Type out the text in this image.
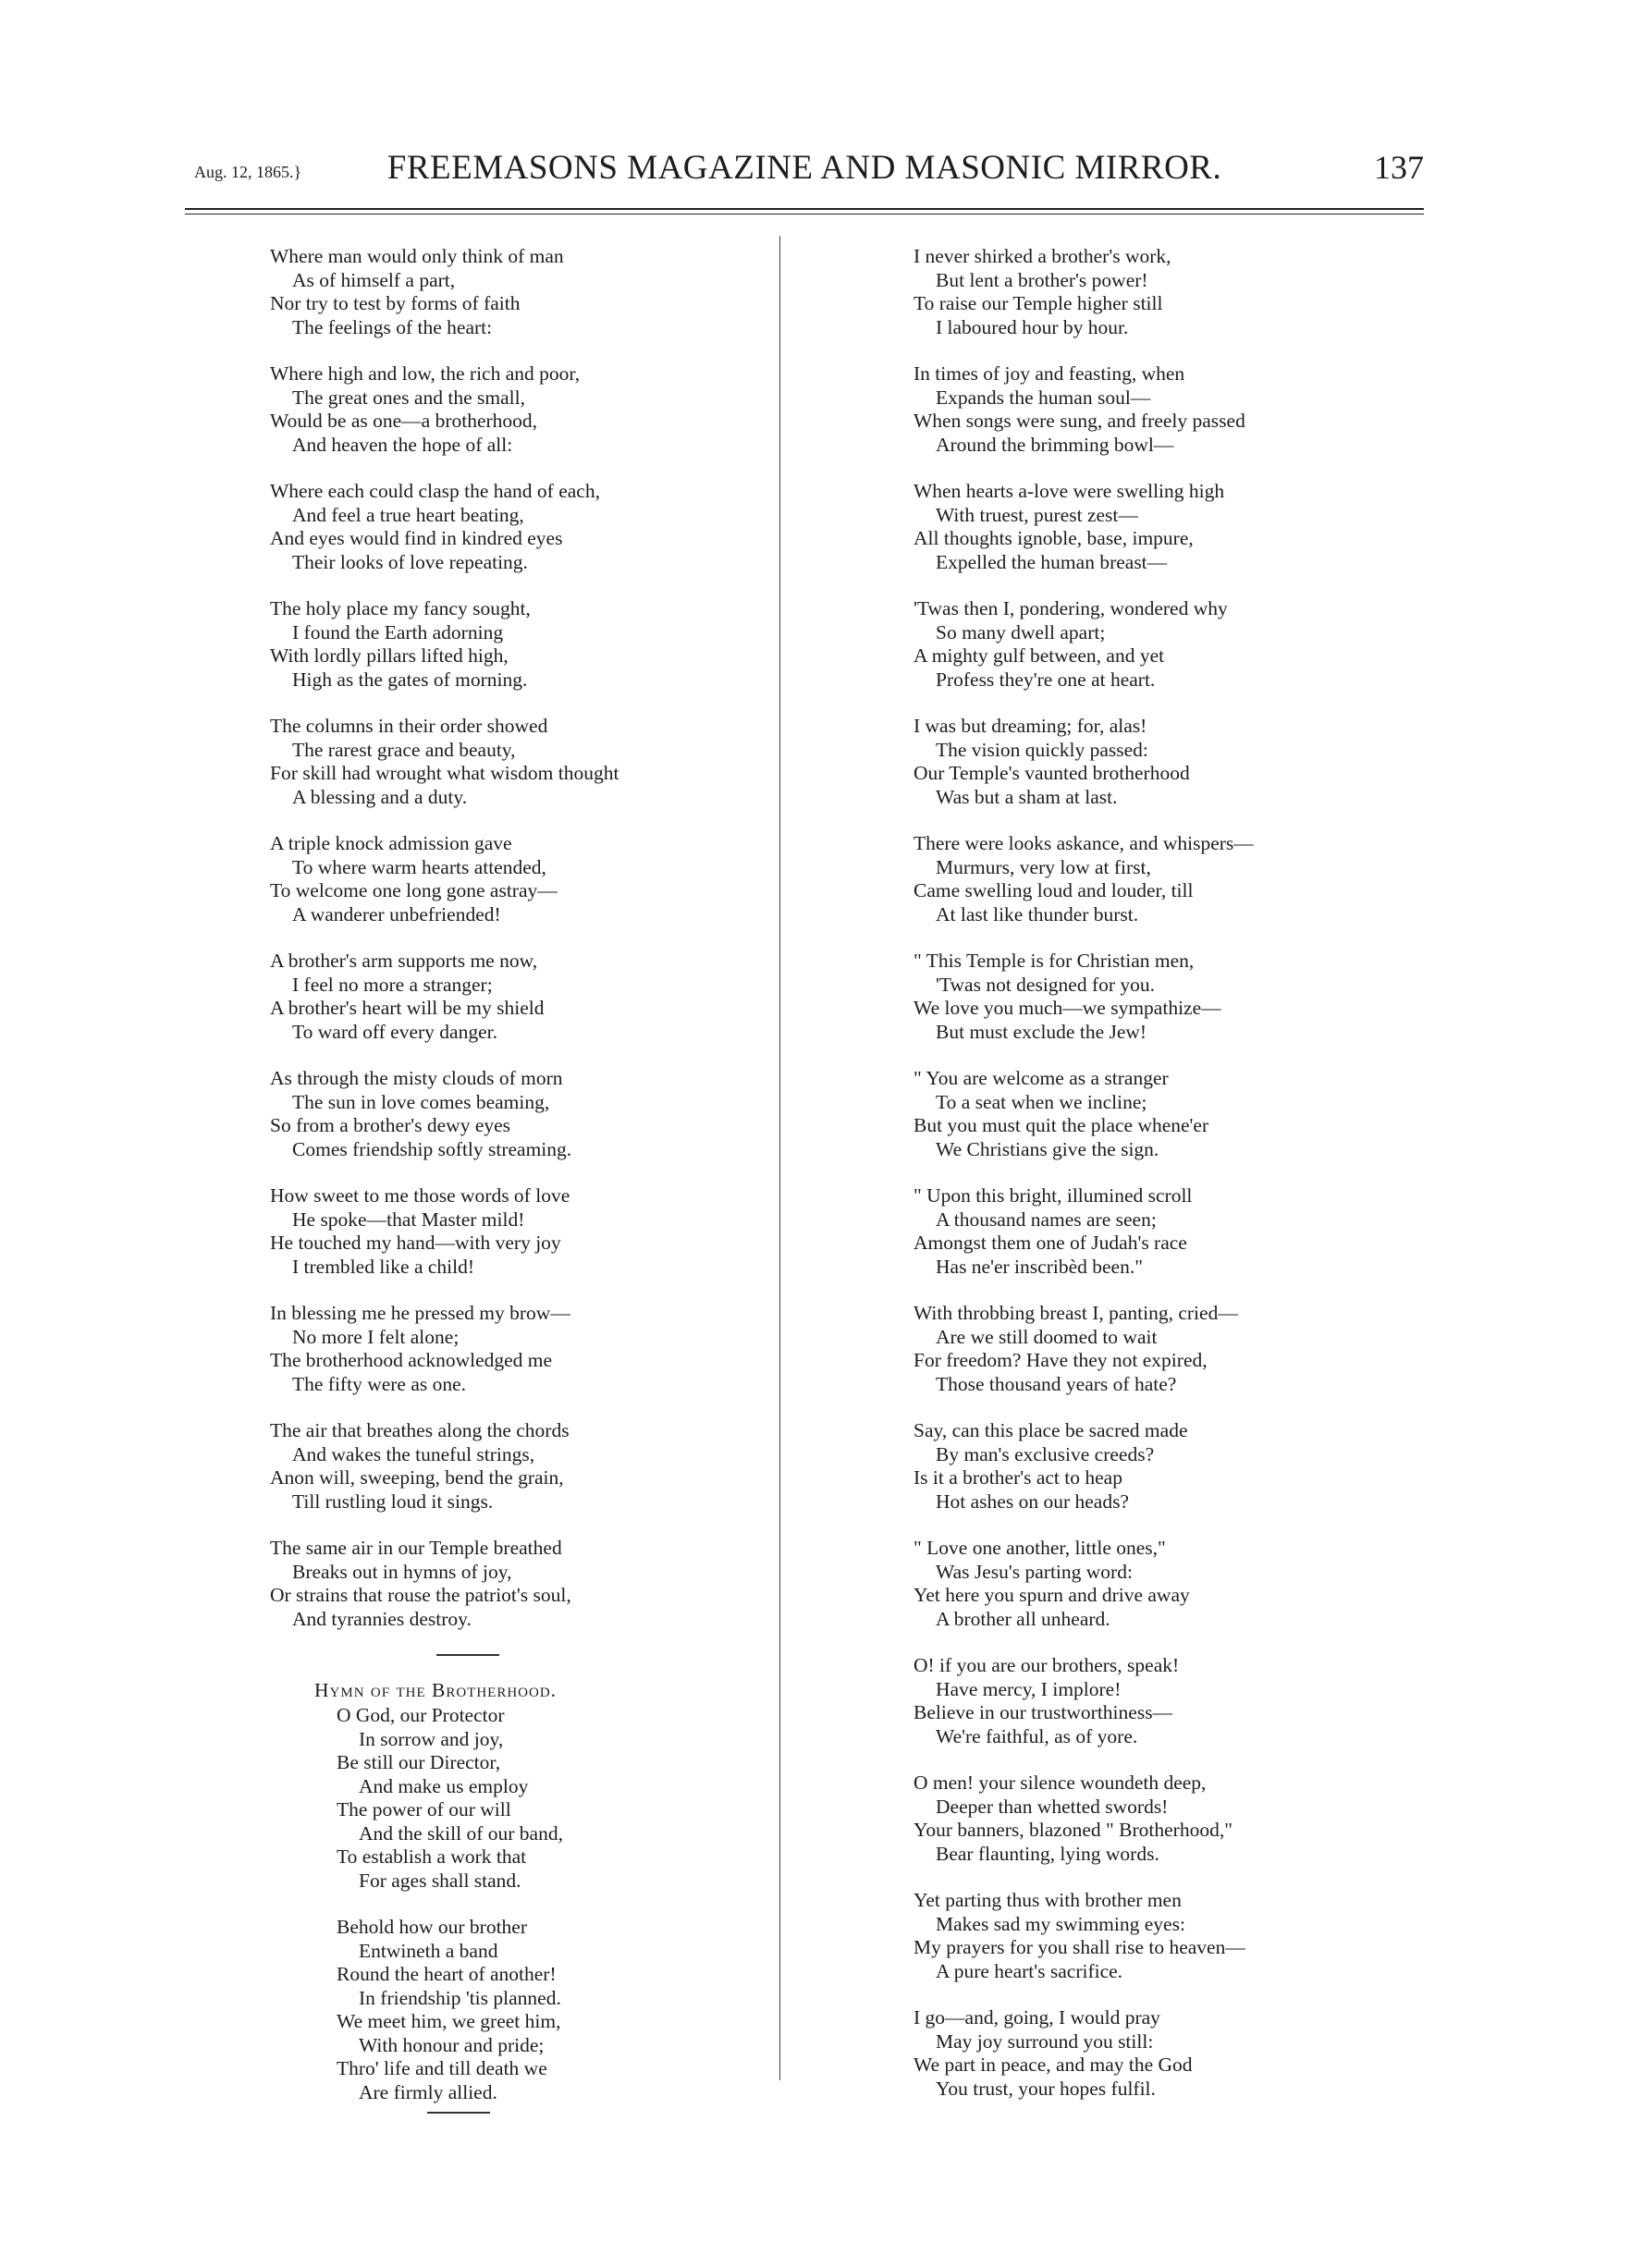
Aug. 12, 1865.}	FREEMASONS MAGAZINE AND MASONIC MIRROR.	137
Where man would only think of man
As of himself a part,
Nor try to test by forms of faith
The feelings of the heart:
Where high and low, the rich and poor,
The great ones and the small,
Would be as one—a brotherhood,
And heaven the hope of all:
Where each could clasp the hand of each,
And feel a true heart beating,
And eyes would find in kindred eyes
Their looks of love repeating.
The holy place my fancy sought,
I found the Earth adorning
With lordly pillars lifted high,
High as the gates of morning.
The columns in their order showed
The rarest grace and beauty,
For skill had wrought what wisdom thought
A blessing and a duty.
A triple knock admission gave
To where warm hearts attended,
To welcome one long gone astray—
A wanderer unbefriended!
A brother's arm supports me now,
I feel no more a stranger;
A brother's heart will be my shield
To ward off every danger.
As through the misty clouds of morn
The sun in love comes beaming,
So from a brother's dewy eyes
Comes friendship softly streaming.
How sweet to me those words of love
He spoke—that Master mild!
He touched my hand—with very joy
I trembled like a child!
In blessing me he pressed my brow—
No more I felt alone;
The brotherhood acknowledged me
The fifty were as one.
The air that breathes along the chords
And wakes the tuneful strings,
Anon will, sweeping, bend the grain,
Till rustling loud it sings.
The same air in our Temple breathed
Breaks out in hymns of joy,
Or strains that rouse the patriot's soul,
And tyrannies destroy.
Hymn of the Brotherhood.
O God, our Protector
In sorrow and joy,
Be still our Director,
And make us employ
The power of our will
And the skill of our band,
To establish a work that
For ages shall stand.
Behold how our brother
Entwineth a band
Round the heart of another!
In friendship 'tis planned.
We meet him, we greet him,
With honour and pride;
Thro' life and till death we
Are firmly allied.
I never shirked a brother's work,
But lent a brother's power!
To raise our Temple higher still
I laboured hour by hour.
In times of joy and feasting, when
Expands the human soul—
When songs were sung, and freely passed
Around the brimming bowl—
When hearts a-love were swelling high
With truest, purest zest—
All thoughts ignoble, base, impure,
Expelled the human breast—
'Twas then I, pondering, wondered why
So many dwell apart;
A mighty gulf between, and yet
Profess they're one at heart.
I was but dreaming; for, alas!
The vision quickly passed:
Our Temple's vaunted brotherhood
Was but a sham at last.
There were looks askance, and whispers—
Murmurs, very low at first,
Came swelling loud and louder, till
At last like thunder burst.
" This Temple is for Christian men,
'Twas not designed for you.
We love you much—we sympathize—
But must exclude the Jew!
" You are welcome as a stranger
To a seat when we incline;
But you must quit the place whene'er
We Christians give the sign.
" Upon this bright, illumined scroll
A thousand names are seen;
Amongst them one of Judah's race
Has ne'er inscribèd been."
With throbbing breast I, panting, cried—
Are we still doomed to wait
For freedom? Have they not expired,
Those thousand years of hate?
Say, can this place be sacred made
By man's exclusive creeds?
Is it a brother's act to heap
Hot ashes on our heads?
" Love one another, little ones,"
Was Jesu's parting word:
Yet here you spurn and drive away
A brother all unheard.
O! if you are our brothers, speak!
Have mercy, I implore!
Believe in our trustworthiness—
We're faithful, as of yore.
O men! your silence woundeth deep,
Deeper than whetted swords!
Your banners, blazoned " Brotherhood,"
Bear flaunting, lying words.
Yet parting thus with brother men
Makes sad my swimming eyes:
My prayers for you shall rise to heaven—
A pure heart's sacrifice.
I go—and, going, I would pray
May joy surround you still:
We part in peace, and may the God
You trust, your hopes fulfil.
